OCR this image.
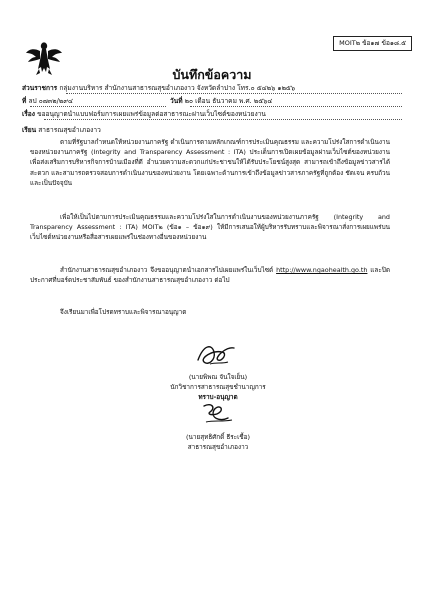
MOIT๒ ข้อ๑๗ ข้อ๑๘.๕
บันทึกข้อความ
ส่วนราชการ กลุ่มงานบริหาร สำนักงานสาธารณสุขอำเภองาว จังหวัดลำปาง โทร.๐ ๕๔๒๖ ๑๒๕๖
ที่ ลป ๐๗๓๒/๒๙๔	วันที่ ๒๐ เดือน ธันวาคม พ.ศ. ๒๕๖๔
เรื่อง ขออนุญาตนำแบบฟอร์มการเผยแพร่ข้อมูลต่อสาธารณะผ่านเว็บไซต์ของหน่วยงาน
เรียน สาธารณสุขอำเภองาว
ตามที่รัฐบาลกำหนดให้หน่วยงานภาครัฐ ดำเนินการตามหลักเกณฑ์การประเมินคุณธรรม และความโปร่งใสการดำเนินงานของหน่วยงานภาครัฐ (Integrity and Transparency Assessment : ITA) ประเด็นการเปิดเผยข้อมูลผ่านเว็บไซต์ของหน่วยงาน เพื่อส่งเสริมการบริหารกิจการบ้านเมืองที่ดี อำนวยความสะดวกแก่ประชาชนให้ได้รับประโยชน์สูงสุด สามารถเข้าถึงข้อมูลข่าวสารได้สะดวก และสามารถตรวจสอบการดำเนินงานของหน่วยงาน โดยเฉพาะด้านการเข้าถึงข้อมูลข่าวสารภาครัฐที่ถูกต้อง ชัดเจน ครบถ้วน และเป็นปัจจุบัน
เพื่อให้เป็นไปตามการประเมินคุณธรรมและความโปร่งใสในการดำเนินงานของหน่วยงานภาครัฐ (Integrity and Transparency Assessment : ITA) MOIT๒ (ข้อ๑ – ข้อ๑๙) ให้มีการเสนอให้ผู้บริหารรับทราบและพิจารณาสั่งการเผยแพร่บนเว็บไซต์หน่วยงานหรือสื่อสารเผยแพร่ในช่องทางอื่นของหน่วยงาน
สำนักงานสาธารณสุขอำเภองาว จึงขออนุญาตนำเอกสารไปเผยแพร่ในเว็บไซต์ http://www.ngaohealth.go.th และปิดประกาศที่บอร์ดประชาสัมพันธ์ ของสำนักงานสาธารณสุขอำเภองาว ต่อไป
จึงเรียนมาเพื่อโปรดทราบและพิจารณาอนุญาต
(นายพิพณ จันใจเย็น)
นักวิชาการสาธารณสุขชำนาญการ
ทราบ-อนุญาต
(นายสุทธิศักดิ์ ธีระเชื้อ)
สาธารณสุขอำเภองาว
